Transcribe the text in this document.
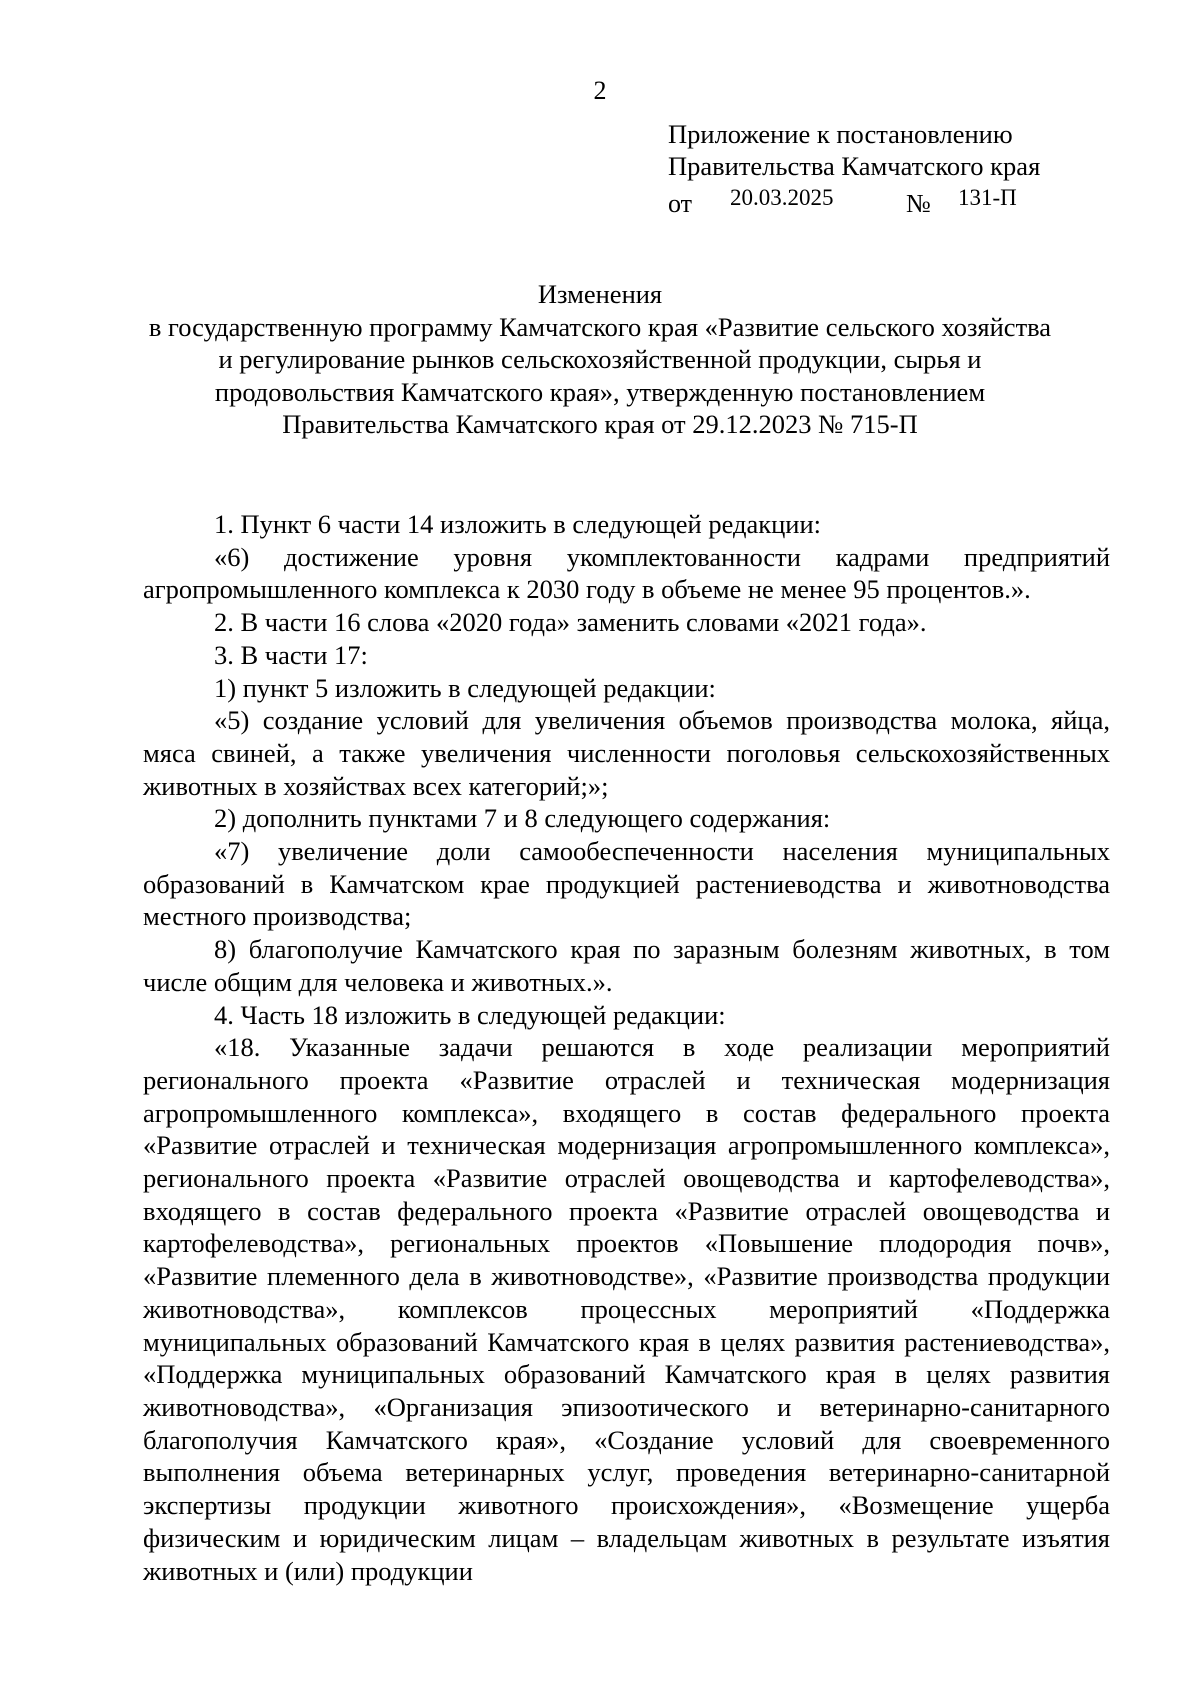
2
Приложение к постановлению
Правительства Камчатского края
от 20.03.2025	№ 131-П
Изменения
в государственную программу Камчатского края «Развитие сельского хозяйства
и регулирование рынков сельскохозяйственной продукции, сырья и
продовольствия Камчатского края», утвержденную постановлением
Правительства Камчатского края от 29.12.2023 № 715-П

1. Пункт 6 части 14 изложить в следующей редакции:

«6) достижение уровня укомплектованности кадрами предприятий агропромышленного комплекса к 2030 году в объеме не менее 95 процентов.».

2. В части 16 слова «2020 года» заменить словами «2021 года».

3. В части 17:

1) пункт 5 изложить в следующей редакции:

«5) создание условий для увеличения объемов производства молока, яйца, мяса свиней, а также увеличения численности поголовья сельскохозяйственных животных в хозяйствах всех категорий;»;

2) дополнить пунктами 7 и 8 следующего содержания:

«7) увеличение доли самообеспеченности населения муниципальных образований в Камчатском крае продукцией растениеводства и животноводства местного производства;

8) благополучие Камчатского края по заразным болезням животных, в том числе общим для человека и животных.».

4. Часть 18 изложить в следующей редакции:

«18. Указанные задачи решаются в ходе реализации мероприятий регионального проекта «Развитие отраслей и техническая модернизация агропромышленного комплекса», входящего в состав федерального проекта «Развитие отраслей и техническая модернизация агропромышленного комплекса», регионального проекта «Развитие отраслей овощеводства и картофелеводства», входящего в состав федерального проекта «Развитие отраслей овощеводства и картофелеводства», региональных проектов «Повышение плодородия почв», «Развитие племенного дела в животноводстве», «Развитие производства продукции животноводства», комплексов процессных мероприятий «Поддержка муниципальных образований Камчатского края в целях развития растениеводства», «Поддержка муниципальных образований Камчатского края в целях развития животноводства», «Организация эпизоотического и ветеринарно-санитарного благополучия Камчатского края», «Создание условий для своевременного выполнения объема ветеринарных услуг, проведения ветеринарно-санитарной экспертизы продукции животного происхождения», «Возмещение ущерба физическим и юридическим лицам – владельцам животных в результате изъятия животных и (или) продукции
